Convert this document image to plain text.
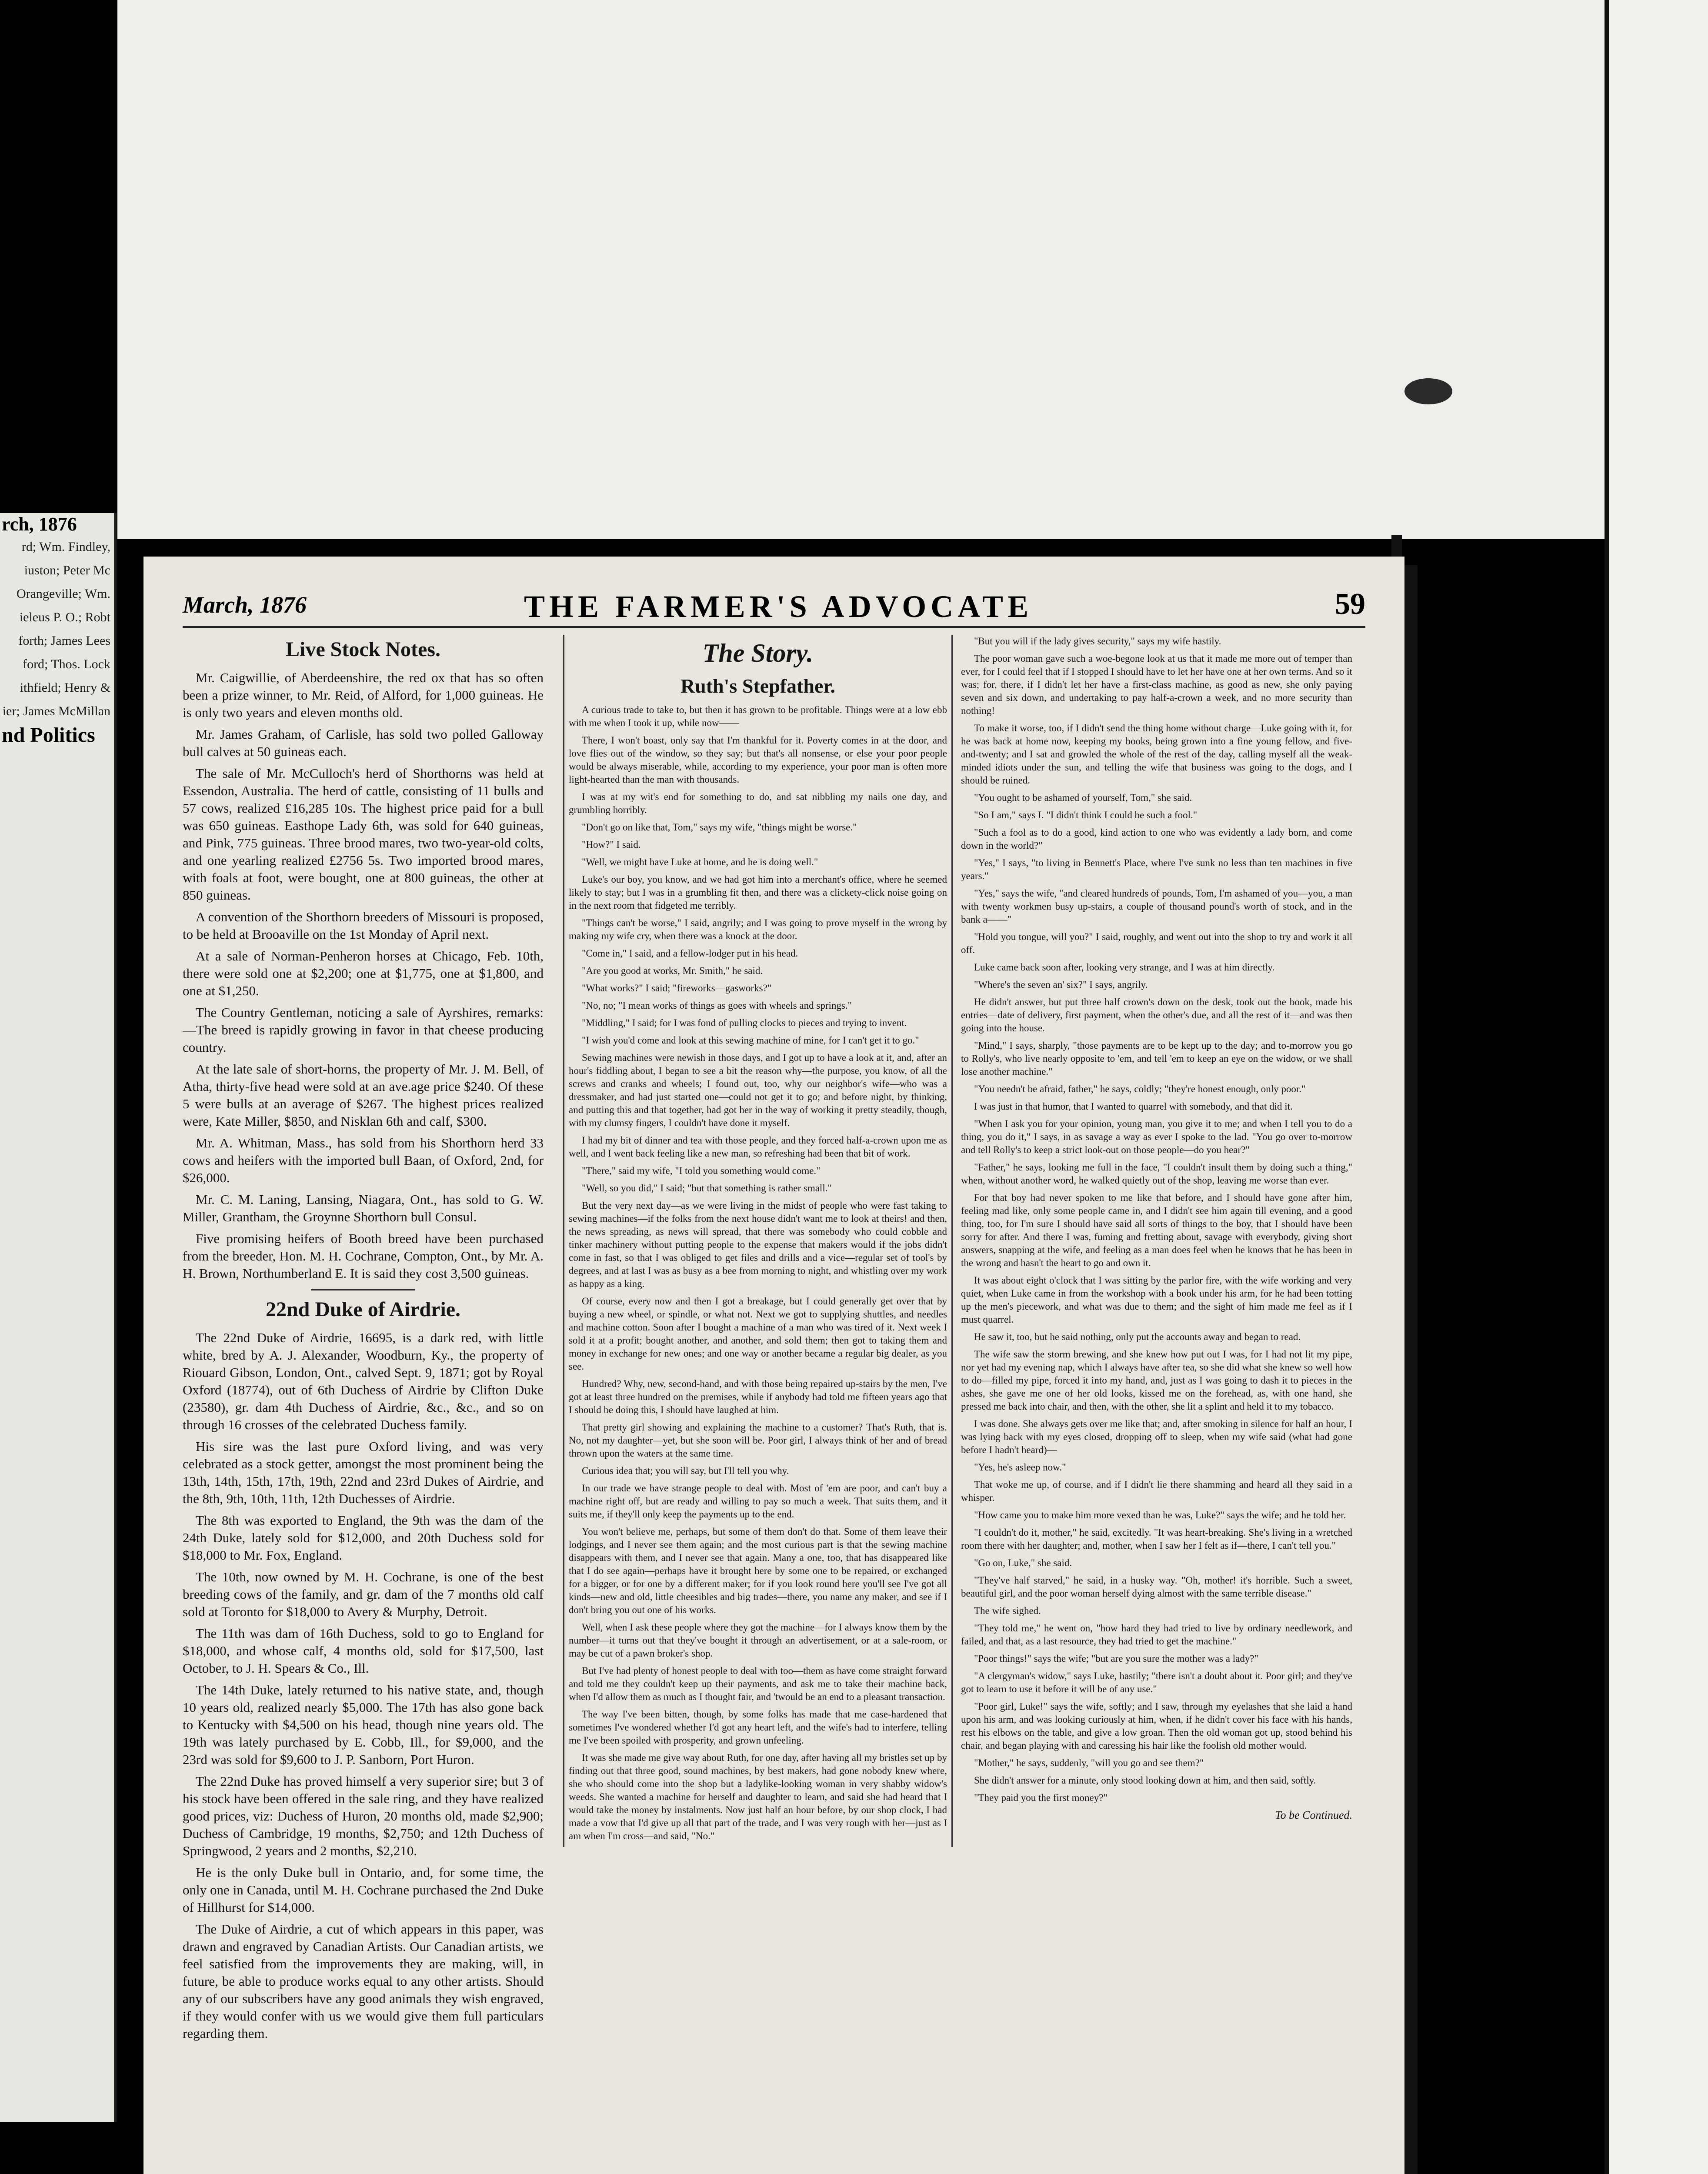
rch, 1876
rd; Wm. Findley,
iuston; Peter Mc
Orangeville; Wm.
ieleus P. O.; Robt
forth; James Lees
ford; Thos. Lock
ithfield; Henry &
ier; James McMillan
nd Politics
March, 1876	THE FARMER'S ADVOCATE	59
Live Stock Notes.

Mr. Caigwillie, of Aberdeenshire, the red ox that has so often been a prize winner, to Mr. Reid, of Alford, for 1,000 guineas. He is only two years and eleven months old.

Mr. James Graham, of Carlisle, has sold two polled Galloway bull calves at 50 guineas each.

The sale of Mr. McCulloch's herd of Shorthorns was held at Essendon, Australia. The herd of cattle, consisting of 11 bulls and 57 cows, realized £16,285 10s. The highest price paid for a bull was 650 guineas. Easthope Lady 6th, was sold for 640 guineas, and Pink, 775 guineas. Three brood mares, two two-year-old colts, and one yearling realized £2756 5s. Two imported brood mares, with foals at foot, were bought, one at 800 guineas, the other at 850 guineas.

A convention of the Shorthorn breeders of Missouri is proposed, to be held at Brooaville on the 1st Monday of April next.

At a sale of Norman-Penheron horses at Chicago, Feb. 10th, there were sold one at $2,200; one at $1,775, one at $1,800, and one at $1,250.

The Country Gentleman, noticing a sale of Ayrshires, remarks:—The breed is rapidly growing in favor in that cheese producing country.

At the late sale of short-horns, the property of Mr. J. M. Bell, of Atha, thirty-five head were sold at an ave.age price $240. Of these 5 were bulls at an average of $267. The highest prices realized were, Kate Miller, $850, and Nisklan 6th and calf, $300.

Mr. A. Whitman, Mass., has sold from his Shorthorn herd 33 cows and heifers with the imported bull Baan, of Oxford, 2nd, for $26,000.

Mr. C. M. Laning, Lansing, Niagara, Ont., has sold to G. W. Miller, Grantham, the Groynne Shorthorn bull Consul.

Five promising heifers of Booth breed have been purchased from the breeder, Hon. M. H. Cochrane, Compton, Ont., by Mr. A. H. Brown, Northumberland E. It is said they cost 3,500 guineas.

22nd Duke of Airdrie.

The 22nd Duke of Airdrie, 16695, is a dark red, with little white, bred by A. J. Alexander, Woodburn, Ky., the property of Riouard Gibson, London, Ont., calved Sept. 9, 1871; got by Royal Oxford (18774), out of 6th Duchess of Airdrie by Clifton Duke (23580), gr. dam 4th Duchess of Airdrie, &c., &c., and so on through 16 crosses of the celebrated Duchess family.

His sire was the last pure Oxford living, and was very celebrated as a stock getter, amongst the most prominent being the 13th, 14th, 15th, 17th, 19th, 22nd and 23rd Dukes of Airdrie, and the 8th, 9th, 10th, 11th, 12th Duchesses of Airdrie.

The 8th was exported to England, the 9th was the dam of the 24th Duke, lately sold for $12,000, and 20th Duchess sold for $18,000 to Mr. Fox, England.

The 10th, now owned by M. H. Cochrane, is one of the best breeding cows of the family, and gr. dam of the 7 months old calf sold at Toronto for $18,000 to Avery & Murphy, Detroit.

The 11th was dam of 16th Duchess, sold to go to England for $18,000, and whose calf, 4 months old, sold for $17,500, last October, to J. H. Spears & Co., Ill.

The 14th Duke, lately returned to his native state, and, though 10 years old, realized nearly $5,000. The 17th has also gone back to Kentucky with $4,500 on his head, though nine years old. The 19th was lately purchased by E. Cobb, Ill., for $9,000, and the 23rd was sold for $9,600 to J. P. Sanborn, Port Huron.

The 22nd Duke has proved himself a very superior sire; but 3 of his stock have been offered in the sale ring, and they have realized good prices, viz: Duchess of Huron, 20 months old, made $2,900; Duchess of Cambridge, 19 months, $2,750; and 12th Duchess of Springwood, 2 years and 2 months, $2,210.

He is the only Duke bull in Ontario, and, for some time, the only one in Canada, until M. H. Cochrane purchased the 2nd Duke of Hillhurst for $14,000.

The Duke of Airdrie, a cut of which appears in this paper, was drawn and engraved by Canadian Artists. Our Canadian artists, we feel satisfied from the improvements they are making, will, in future, be able to produce works equal to any other artists. Should any of our subscribers have any good animals they wish engraved, if they would confer with us we would give them full particulars regarding them.

The Story.
Ruth's Stepfather.

A curious trade to take to, but then it has grown to be profitable. Things were at a low ebb with me when I took it up, while now——

There, I won't boast, only say that I'm thankful for it. Poverty comes in at the door, and love flies out of the window, so they say; but that's all nonsense, or else your poor people would be always miserable, while, according to my experience, your poor man is often more light-hearted than the man with thousands.

I was at my wit's end for something to do, and sat nibbling my nails one day, and grumbling horribly.

"Don't go on like that, Tom," says my wife, "things might be worse."

"How?" I said.

"Well, we might have Luke at home, and he is doing well."

Luke's our boy, you know, and we had got him into a merchant's office, where he seemed likely to stay; but I was in a grumbling fit then, and there was a clickety-click noise going on in the next room that fidgeted me terribly.

"Things can't be worse," I said, angrily; and I was going to prove myself in the wrong by making my wife cry, when there was a knock at the door.

"Come in," I said, and a fellow-lodger put in his head.

"Are you good at works, Mr. Smith," he said.

"What works?" I said; "fireworks—gasworks?"

"No, no; "I mean works of things as goes with wheels and springs."

"Middling," I said; for I was fond of pulling clocks to pieces and trying to invent.

"I wish you'd come and look at this sewing machine of mine, for I can't get it to go."

Sewing machines were newish in those days, and I got up to have a look at it, and, after an hour's fiddling about, I began to see a bit the reason why—the purpose, you know, of all the screws and cranks and wheels; I found out, too, why our neighbor's wife—who was a dressmaker, and had just started one—could not get it to go; and before night, by thinking, and putting this and that together, had got her in the way of working it pretty steadily, though, with my clumsy fingers, I couldn't have done it myself.

I had my bit of dinner and tea with those people, and they forced half-a-crown upon me as well, and I went back feeling like a new man, so refreshing had been that bit of work.

"There," said my wife, "I told you something would come."

"Well, so you did," I said; "but that something is rather small."

But the very next day—as we were living in the midst of people who were fast taking to sewing machines—if the folks from the next house didn't want me to look at theirs! and then, the news spreading, as news will spread, that there was somebody who could cobble and tinker machinery without putting people to the expense that makers would if the jobs didn't come in fast, so that I was obliged to get files and drills and a vice—regular set of tool's by degrees, and at last I was as busy as a bee from morning to night, and whistling over my work as happy as a king.

Of course, every now and then I got a breakage, but I could generally get over that by buying a new wheel, or spindle, or what not. Next we got to supplying shuttles, and needles and machine cotton. Soon after I bought a machine of a man who was tired of it. Next week I sold it at a profit; bought another, and another, and sold them; then got to taking them and money in exchange for new ones; and one way or another became a regular big dealer, as you see.

Hundred? Why, new, second-hand, and with those being repaired up-stairs by the men, I've got at least three hundred on the premises, while if anybody had told me fifteen years ago that I should be doing this, I should have laughed at him.

That pretty girl showing and explaining the machine to a customer? That's Ruth, that is. No, not my daughter—yet, but she soon will be. Poor girl, I always think of her and of bread thrown upon the waters at the same time.

Curious idea that; you will say, but I'll tell you why.

In our trade we have strange people to deal with. Most of 'em are poor, and can't buy a machine right off, but are ready and willing to pay so much a week. That suits them, and it suits me, if they'll only keep the payments up to the end.

You won't believe me, perhaps, but some of them don't do that. Some of them leave their lodgings, and I never see them again; and the most curious part is that the sewing machine disappears with them, and I never see that again. Many a one, too, that has disappeared like that I do see again—perhaps have it brought here by some one to be repaired, or exchanged for a bigger, or for one by a different maker; for if you look round here you'll see I've got all kinds—new and old, little cheesibles and big trades—there, you name any maker, and see if I don't bring you out one of his works.

Well, when I ask these people where they got the machine—for I always know them by the number—it turns out that they've bought it through an advertisement, or at a sale-room, or may be cut of a pawn broker's shop.

But I've had plenty of honest people to deal with too—them as have come straight forward and told me they couldn't keep up their payments, and ask me to take their machine back, when I'd allow them as much as I thought fair, and 'twould be an end to a pleasant transaction.

The way I've been bitten, though, by some folks has made that me case-hardened that sometimes I've wondered whether I'd got any heart left, and the wife's had to interfere, telling me I've been spoiled with prosperity, and grown unfeeling.

It was she made me give way about Ruth, for one day, after having all my bristles set up by finding out that three good, sound machines, by best makers, had gone nobody knew where, she who should come into the shop but a ladylike-looking woman in very shabby widow's weeds. She wanted a machine for herself and daughter to learn, and said she had heard that I would take the money by instalments. Now just half an hour before, by our shop clock, I had made a vow that I'd give up all that part of the trade, and I was very rough with her—just as I am when I'm cross—and said, "No."

"But you will if the lady gives security," says my wife hastily.

The poor woman gave such a woe-begone look at us that it made me more out of temper than ever, for I could feel that if I stopped I should have to let her have one at her own terms. And so it was; for, there, if I didn't let her have a first-class machine, as good as new, she only paying seven and six down, and undertaking to pay half-a-crown a week, and no more security than nothing!

To make it worse, too, if I didn't send the thing home without charge—Luke going with it, for he was back at home now, keeping my books, being grown into a fine young fellow, and five-and-twenty; and I sat and growled the whole of the rest of the day, calling myself all the weak-minded idiots under the sun, and telling the wife that business was going to the dogs, and I should be ruined.

"You ought to be ashamed of yourself, Tom," she said.

"So I am," says I. "I didn't think I could be such a fool."

"Such a fool as to do a good, kind action to one who was evidently a lady born, and come down in the world?"

"Yes," I says, "to living in Bennett's Place, where I've sunk no less than ten machines in five years."

"Yes," says the wife, "and cleared hundreds of pounds, Tom, I'm ashamed of you—you, a man with twenty workmen busy up-stairs, a couple of thousand pound's worth of stock, and in the bank a——"

"Hold you tongue, will you?" I said, roughly, and went out into the shop to try and work it all off.

Luke came back soon after, looking very strange, and I was at him directly.

"Where's the seven an' six?" I says, angrily.

He didn't answer, but put three half crown's down on the desk, took out the book, made his entries—date of delivery, first payment, when the other's due, and all the rest of it—and was then going into the house.

"Mind," I says, sharply, "those payments are to be kept up to the day; and to-morrow you go to Rolly's, who live nearly opposite to 'em, and tell 'em to keep an eye on the widow, or we shall lose another machine."

"You needn't be afraid, father," he says, coldly; "they're honest enough, only poor."

I was just in that humor, that I wanted to quarrel with somebody, and that did it.

"When I ask you for your opinion, young man, you give it to me; and when I tell you to do a thing, you do it," I says, in as savage a way as ever I spoke to the lad. "You go over to-morrow and tell Rolly's to keep a strict look-out on those people—do you hear?"

"Father," he says, looking me full in the face, "I couldn't insult them by doing such a thing," when, without another word, he walked quietly out of the shop, leaving me worse than ever.

For that boy had never spoken to me like that before, and I should have gone after him, feeling mad like, only some people came in, and I didn't see him again till evening, and a good thing, too, for I'm sure I should have said all sorts of things to the boy, that I should have been sorry for after. And there I was, fuming and fretting about, savage with everybody, giving short answers, snapping at the wife, and feeling as a man does feel when he knows that he has been in the wrong and hasn't the heart to go and own it.

It was about eight o'clock that I was sitting by the parlor fire, with the wife working and very quiet, when Luke came in from the workshop with a book under his arm, for he had been totting up the men's piecework, and what was due to them; and the sight of him made me feel as if I must quarrel.

He saw it, too, but he said nothing, only put the accounts away and began to read.

The wife saw the storm brewing, and she knew how put out I was, for I had not lit my pipe, nor yet had my evening nap, which I always have after tea, so she did what she knew so well how to do—filled my pipe, forced it into my hand, and, just as I was going to dash it to pieces in the ashes, she gave me one of her old looks, kissed me on the forehead, as, with one hand, she pressed me back into chair, and then, with the other, she lit a splint and held it to my tobacco.

I was done. She always gets over me like that; and, after smoking in silence for half an hour, I was lying back with my eyes closed, dropping off to sleep, when my wife said (what had gone before I hadn't heard)—

"Yes, he's asleep now."

That woke me up, of course, and if I didn't lie there shamming and heard all they said in a whisper.

"How came you to make him more vexed than he was, Luke?" says the wife; and he told her.

"I couldn't do it, mother," he said, excitedly. "It was heart-breaking. She's living in a wretched room there with her daughter; and, mother, when I saw her I felt as if—there, I can't tell you."

"Go on, Luke," she said.

"They've half starved," he said, in a husky way. "Oh, mother! it's horrible. Such a sweet, beautiful girl, and the poor woman herself dying almost with the same terrible disease."

The wife sighed.

"They told me," he went on, "how hard they had tried to live by ordinary needlework, and failed, and that, as a last resource, they had tried to get the machine."

"Poor things!" says the wife; "but are you sure the mother was a lady?"

"A clergyman's widow," says Luke, hastily; "there isn't a doubt about it. Poor girl; and they've got to learn to use it before it will be of any use."

"Poor girl, Luke!" says the wife, softly; and I saw, through my eyelashes that she laid a hand upon his arm, and was looking curiously at him, when, if he didn't cover his face with his hands, rest his elbows on the table, and give a low groan. Then the old woman got up, stood behind his chair, and began playing with and caressing his hair like the foolish old mother would.

"Mother," he says, suddenly, "will you go and see them?"

She didn't answer for a minute, only stood looking down at him, and then said, softly.

"They paid you the first money?"

To be Continued.
